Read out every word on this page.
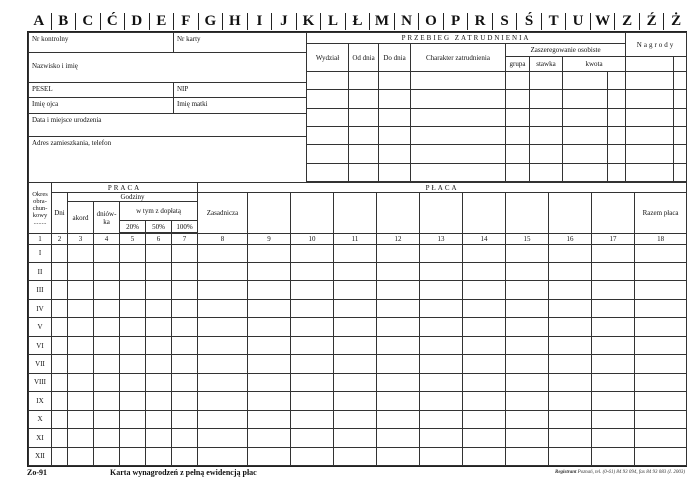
A B C Ć D E F G H	I	J K L Ł M N O P R S	Ś	T U W Z Ź Ż
Nr kontrolny	Nr karty
Nazwisko i imię	
PESEL	NIP
Imię ojca	Imię matki
Data i miejsce urodzenia	
Adres zamieszkania, telefon	
PRZEBIEG ZATRUDNIENIA								Nagrody	
Wydział	Od dnia	Do dnia	Charakter zatrudnienia	Zaszeregowanie osobiste					
				grupa	stawka	kwota			

Okres obra-chun-kowy
........	PRACA						PŁACA										
	Dni	Godziny					Zasadnicza										Razem płaca
		akord	dniów-ka	w tym z dopłatą													
				20%	50%	100%											

1	2	3	4	5	6	7	8	9	10	11	12	13	14	15	16	17	18
I																	
II																	
III																	
IV																	
V																	
VI																	
VII																	
VIII																	
IX																	
X																	
XI																	
XII																	
Zo-91	Karta wynagrodzeń z pełną ewidencją płac	Registrant Poznań, tel. (0-61) 84 93 094, fax 84 93 083 (I. 2003)
